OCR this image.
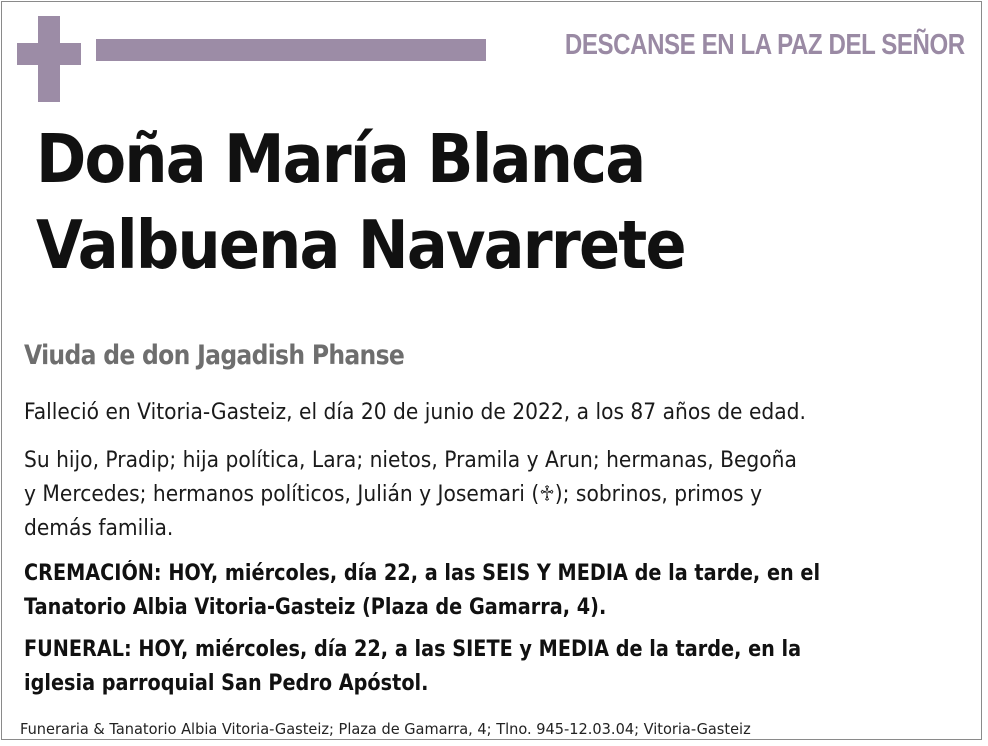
DESCANSE EN LA PAZ DEL SEÑOR
Doña María Blanca
Valbuena Navarrete
Viuda de don Jagadish Phanse

Falleció en Vitoria-Gasteiz, el día 20 de junio de 2022, a los 87 años de edad.

Su hijo, Pradip; hija política, Lara; nietos, Pramila y Arun; hermanas, Begoña
y Mercedes; hermanos políticos, Julián y Josemari (♱); sobrinos, primos y
demás familia.

CREMACIÓN: HOY, miércoles, día 22, a las SEIS Y MEDIA de la tarde, en el
Tanatorio Albia Vitoria-Gasteiz (Plaza de Gamarra, 4).

FUNERAL: HOY, miércoles, día 22, a las SIETE y MEDIA de la tarde, en la
iglesia parroquial San Pedro Apóstol.

Funeraria & Tanatorio Albia Vitoria-Gasteiz; Plaza de Gamarra, 4; Tlno. 945-12.03.04; Vitoria-Gasteiz
